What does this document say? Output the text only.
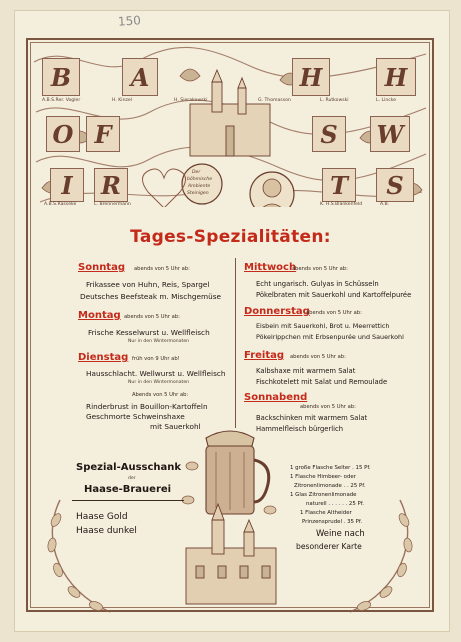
150
B A	H	H
O F	S W
I R	T S
A.B.S.Rer. Vogler	H. Kinzel	H. Sierakowski	G. Thomasson	L. Rutkowski	L. Lincke
A.B.S.Rasseke	L. Brennermann	K. H.S.Blankenfeld	A.B.
Der
böhmische
Ambiente
Steinigen
Tages-Spezialitäten:
Sonntag abends von 5 Uhr ab:
Frikassee von Huhn, Reis, Spargel
Deutsches Beefsteak m. Mischgemüse
Montag abends von 5 Uhr ab:
Frische Kesselwurst u. Wellfleisch
Nur in den Wintermonaten
Dienstag früh von 9 Uhr ab!
Hausschlacht. Wellwurst u. Wellfleisch
Nur in den Wintermonaten
Abends von 5 Uhr ab:
Rinderbrust in Bouillon-Kartoffeln
Geschmorte Schweinshaxe
mit Sauerkohl
Mittwoch
abends von 5 Uhr ab:
Echt ungarisch. Gulyas in Schüsseln
Pökelbraten mit Sauerkohl und Kartoffelpurée
Donnerstag
abends von 5 Uhr ab:
Eisbein mit Sauerkohl, Brot u. Meerrettich
Pökelrippchen mit Erbsenpurée und Sauerkohl
Freitag abends von 5 Uhr ab:
Kalbshaxe mit warmem Salat
Fischkotelett mit Salat und Remoulade
Sonnabend
abends von 5 Uhr ab:
Backschinken mit warmem Salat
Hammelfleisch bürgerlich
Spezial-Ausschank
der
Haase-Brauerei
Haase Gold
Haase dunkel
1 große Flasche Selter . 15 Pf.
1 Flasche Himbeer- oder
Zitronenlimonade . . 25 Pf.
1 Glas Zitronenlimonade
naturell . . . . . . 25 Pf.
1 Flasche Altheider
Prinzensprudel . 35 Pf.
Weine nach
besonderer Karte
